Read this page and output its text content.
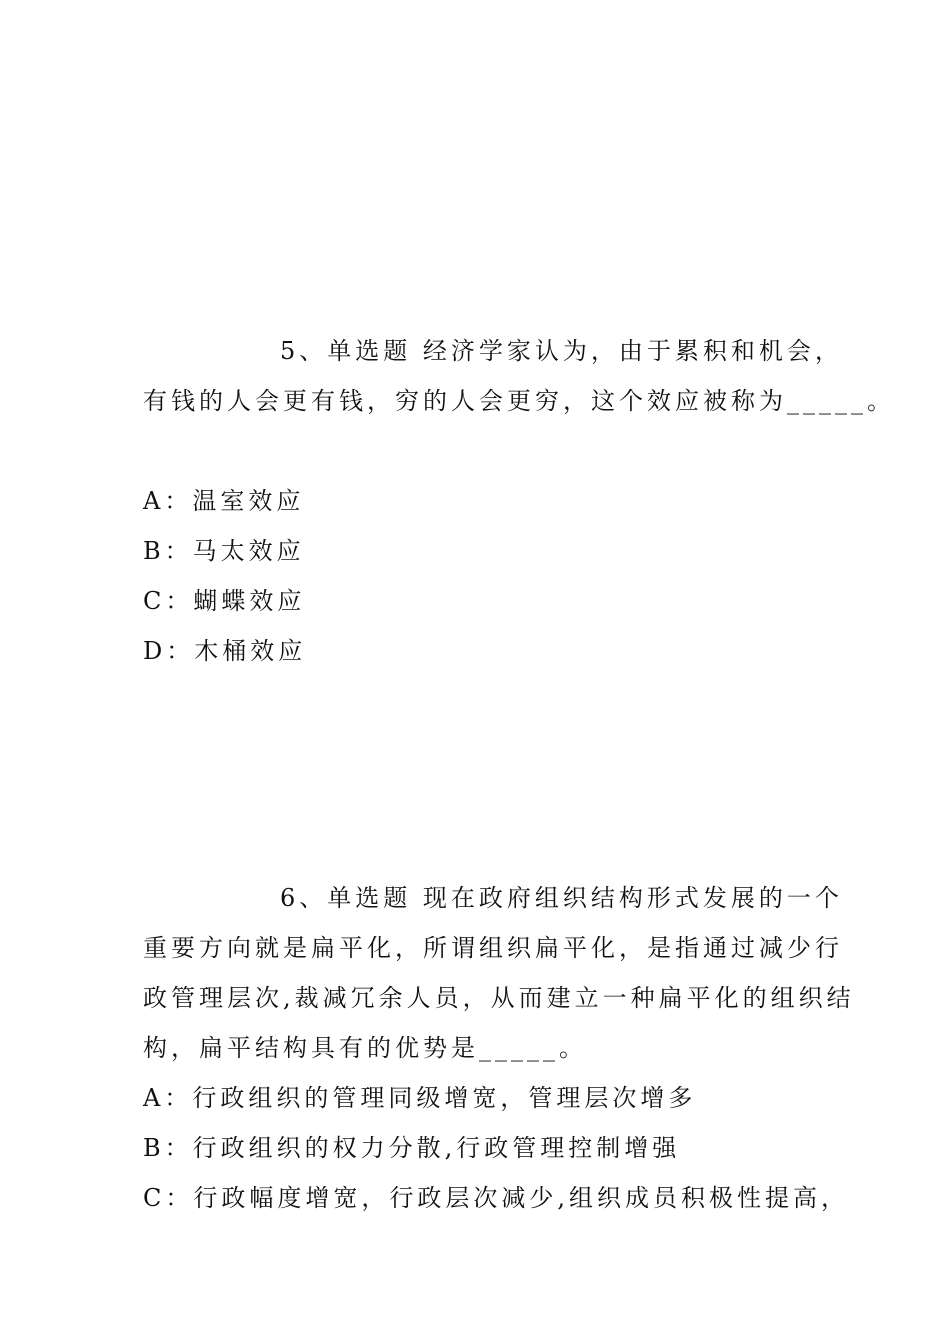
5、单选题 经济学家认为，由于累积和机会，
有钱的人会更有钱，穷的人会更穷，这个效应被称为_____。
A：温室效应
B：马太效应
C：蝴蝶效应
D：木桶效应
6、单选题 现在政府组织结构形式发展的一个
重要方向就是扁平化，所谓组织扁平化，是指通过减少行
政管理层次,裁减冗余人员，从而建立一种扁平化的组织结
构，扁平结构具有的优势是_____。
A：行政组织的管理同级增宽，管理层次增多
B：行政组织的权力分散,行政管理控制增强
C：行政幅度增宽，行政层次减少,组织成员积极性提高，
